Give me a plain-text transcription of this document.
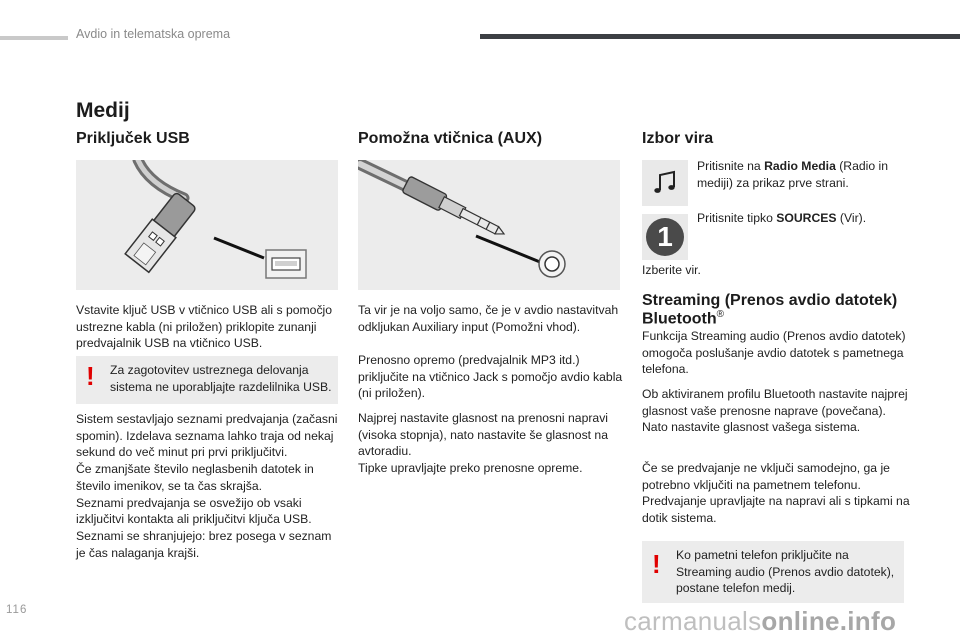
Avdio in telematska oprema
Medij
Priključek USB

Vstavite ključ USB v vtičnico USB ali s pomočjo ustrezne kabla (ni priložen) priklopite zunanji predvajalnik USB na vtičnico USB.

! Za zagotovitev ustreznega delovanja sistema ne uporabljajte razdelilnika USB.

Sistem sestavljajo seznami predvajanja (začasni spomin). Izdelava seznama lahko traja od nekaj sekund do več minut pri prvi priključitvi.
Če zmanjšate število neglasbenih datotek in število imenikov, se ta čas skrajša.
Seznami predvajanja se osvežijo ob vsaki izključitvi kontakta ali priključitvi ključa USB. Seznami se shranjujejo: brez posega v seznam je čas nalaganja krajši.

Pomožna vtičnica (AUX)

Ta vir je na voljo samo, če je v avdio nastavitvah odkljukan Auxiliary input (Pomožni vhod).

Prenosno opremo (predvajalnik MP3 itd.) priključite na vtičnico Jack s pomočjo avdio kabla (ni priložen).

Najprej nastavite glasnost na prenosni napravi (visoka stopnja), nato nastavite še glasnost na avtoradiu.
Tipke upravljajte preko prenosne opreme.

Izbor vira

Pritisnite na Radio Media (Radio in mediji) za prikaz prve strani.

1

Pritisnite tipko SOURCES (Vir).

Izberite vir.

Streaming (Prenos avdio datotek)
Bluetooth®

Funkcija Streaming audio (Prenos avdio datotek) omogoča poslušanje avdio datotek s pametnega telefona.

Ob aktiviranem profilu Bluetooth nastavite najprej glasnost vaše prenosne naprave (povečana).
Nato nastavite glasnost vašega sistema.

Če se predvajanje ne vključi samodejno, ga je potrebno vključiti na pametnem telefonu. Predvajanje upravljajte na napravi ali s tipkami na dotik sistema.

! Ko pametni telefon priključite na Streaming audio (Prenos avdio datotek), postane telefon medij.
116	carmanualsonline.info
